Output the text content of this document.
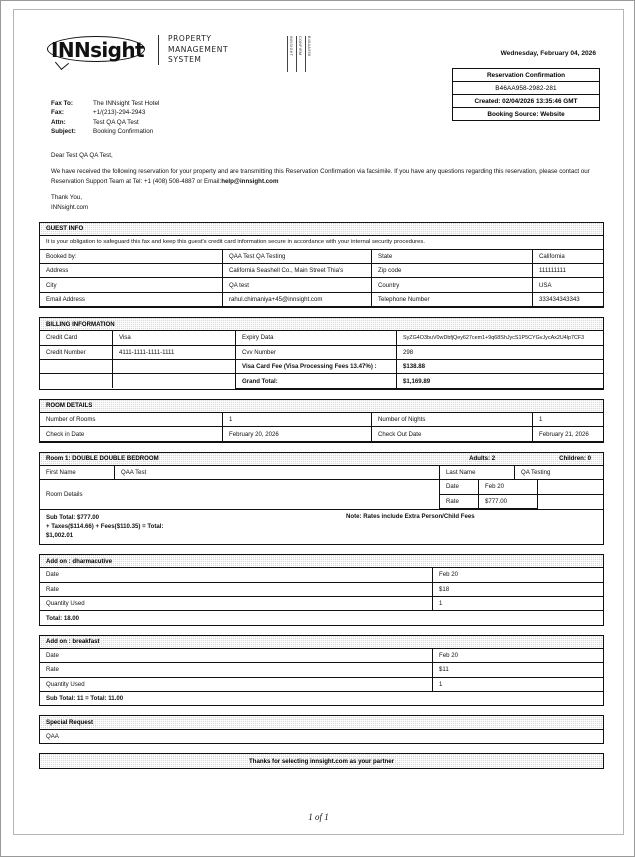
INNsight	PROPERTY
MANAGEMENT
SYSTEM
INNSIGHT	CONFIRM	B46AA958	Wednesday, February 04, 2026
Fax To:	The INNsight Test Hotel
Fax:	+1/(213)-294-2943
Attn:	Test QA QA Test
Subject:	Booking Confirmation
Reservation Confirmation
B46AA958-2982-281
Created: 02/04/2026 13:35:46 GMT
Booking Source: Website
Dear Test QA QA Test,
We have received the following reservation for your property and are transmitting this Reservation Confirmation via facsimile. If you have any questions regarding this reservation, please contact our Reservation Support Team at Tel: +1 (408) 508-4887 or Email:help@innsight.com
Thank You,
INNsight.com
GUEST INFO
It is your obligation to safeguard this fax and keep this guest's credit card information secure in accordance with your internal security procedures.
Booked by:	QAA Test QA Testing	State	California
Address	California Seashell Co., Main Street Thia's	Zip code	111111111
City	QA test	Country	USA
Email Address	rahul.chimaniya+45@innsight.com	Telephone Number	333434343343
BILLING INFORMATION
Credit Card	Visa	Expiry Data	SyZG4O3buV0wDbfjQey627cem1+9q68ShJycS1P5CYGvJycAx2U4lp7CF3
Credit Number	4111-1111-1111-1111	Cvv Number	298
		Visa Card Fee (Visa Processing Fees 13.47%) :	$138.88
		Grand Total:	$1,169.89
ROOM DETAILS
Number of Rooms	1	Number of Nights	1
Check in Date	February 20, 2026	Check Out Date	February 21, 2026
Room 1: DOUBLE DOUBLE BEDROOM	Adults: 2	Children: 0
First Name	QAA Test	Last Name	QA Testing
Room Details	
Date	Feb 20	
Rate	$777.00	
Sub Total: $777.00
+ Taxes($114.66) + Fees($110.35) = Total:
$1,002.01
Note: Rates include Extra Person/Child Fees
Add on : dharmacutive
Date	Feb 20
Rate	$18
Quantity Used	1
Total: 18.00
Add on : breakfast
Date	Feb 20
Rate	$11
Quantity Used	1
Sub Total: 11 = Total: 11.00
Special Request
QAA
Thanks for selecting innsight.com as your partner
1 of 1
